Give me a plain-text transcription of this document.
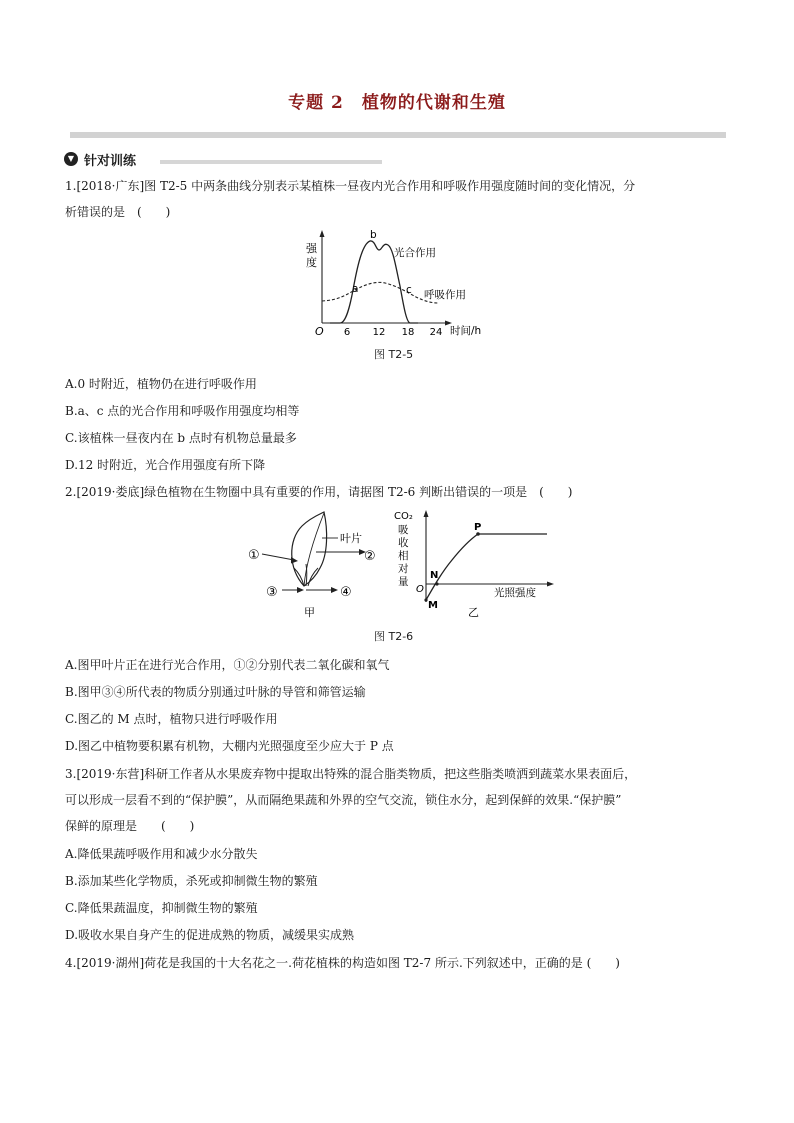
专题 2　植物的代谢和生殖
▼ 针对训练
1.[2018·广东]图 T2-5 中两条曲线分别表示某植株一昼夜内光合作用和呼吸作用强度随时间的变化情况，分
析错误的是　(　　)
强
度
O 6 12 18 24 时间/h
光合作用
呼吸作用
a
b
c
图 T2-5
A.0 时附近，植物仍在进行呼吸作用
B.a、c 点的光合作用和呼吸作用强度均相等
C.该植株一昼夜内在 b 点时有机物总量最多
D.12 时附近，光合作用强度有所下降
2.[2019·娄底]绿色植物在生物圈中具有重要的作用，请据图 T2-6 判断出错误的一项是　(　　)
①
叶片
②
③	④
甲
CO₂
吸
收
相
对
量
O	光照强度
P
N
M
乙
图 T2-6
A.图甲叶片正在进行光合作用，①②分别代表二氧化碳和氧气
B.图甲③④所代表的物质分别通过叶脉的导管和筛管运输
C.图乙的 M 点时，植物只进行呼吸作用
D.图乙中植物要积累有机物，大棚内光照强度至少应大于 P 点
3.[2019·东营]科研工作者从水果废弃物中提取出特殊的混合脂类物质，把这些脂类喷洒到蔬菜水果表面后，
可以形成一层看不到的“保护膜”，从而隔绝果蔬和外界的空气交流，锁住水分，起到保鲜的效果.“保护膜”
保鲜的原理是　　(　　)
A.降低果蔬呼吸作用和减少水分散失
B.添加某些化学物质，杀死或抑制微生物的繁殖
C.降低果蔬温度，抑制微生物的繁殖
D.吸收水果自身产生的促进成熟的物质，减缓果实成熟
4.[2019·湖州]荷花是我国的十大名花之一.荷花植株的构造如图 T2-7 所示.下列叙述中，正确的是 (　　)
